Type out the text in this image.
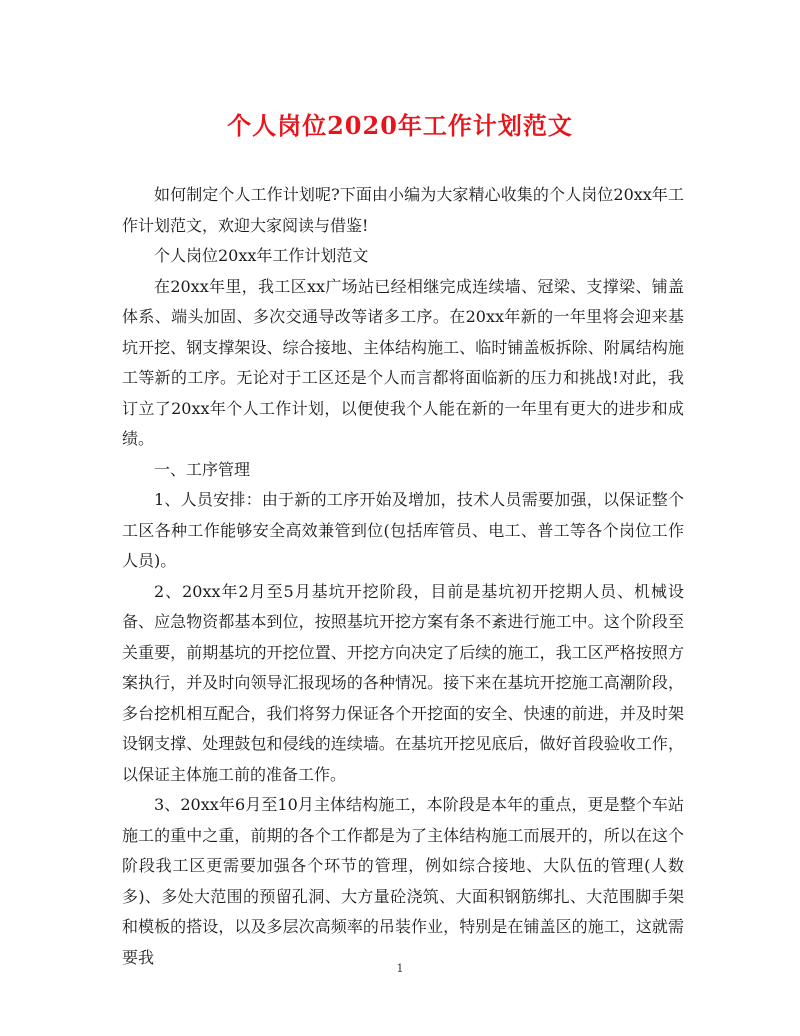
个人岗位2020年工作计划范文

如何制定个人工作计划呢?下面由小编为大家精心收集的个人岗位20xx年工作计划范文，欢迎大家阅读与借鉴!

个人岗位20xx年工作计划范文

在20xx年里，我工区xx广场站已经相继完成连续墙、冠梁、支撑梁、铺盖体系、端头加固、多次交通导改等诸多工序。在20xx年新的一年里将会迎来基坑开挖、钢支撑架设、综合接地、主体结构施工、临时铺盖板拆除、附属结构施工等新的工序。无论对于工区还是个人而言都将面临新的压力和挑战!对此，我订立了20xx年个人工作计划，以便使我个人能在新的一年里有更大的进步和成绩。

一、工序管理

1、人员安排：由于新的工序开始及增加，技术人员需要加强，以保证整个工区各种工作能够安全高效兼管到位(包括库管员、电工、普工等各个岗位工作人员)。

2、20xx年2月至5月基坑开挖阶段，目前是基坑初开挖期人员、机械设备、应急物资都基本到位，按照基坑开挖方案有条不紊进行施工中。这个阶段至关重要，前期基坑的开挖位置、开挖方向决定了后续的施工，我工区严格按照方案执行，并及时向领导汇报现场的各种情况。接下来在基坑开挖施工高潮阶段，多台挖机相互配合，我们将努力保证各个开挖面的安全、快速的前进，并及时架设钢支撑、处理鼓包和侵线的连续墙。在基坑开挖见底后，做好首段验收工作，以保证主体施工前的准备工作。

3、20xx年6月至10月主体结构施工，本阶段是本年的重点，更是整个车站施工的重中之重，前期的各个工作都是为了主体结构施工而展开的，所以在这个阶段我工区更需要加强各个环节的管理，例如综合接地、大队伍的管理(人数多)、多处大范围的预留孔洞、大方量砼浇筑、大面积钢筋绑扎、大范围脚手架和模板的搭设，以及多层次高频率的吊装作业，特别是在铺盖区的施工，这就需要我

1
